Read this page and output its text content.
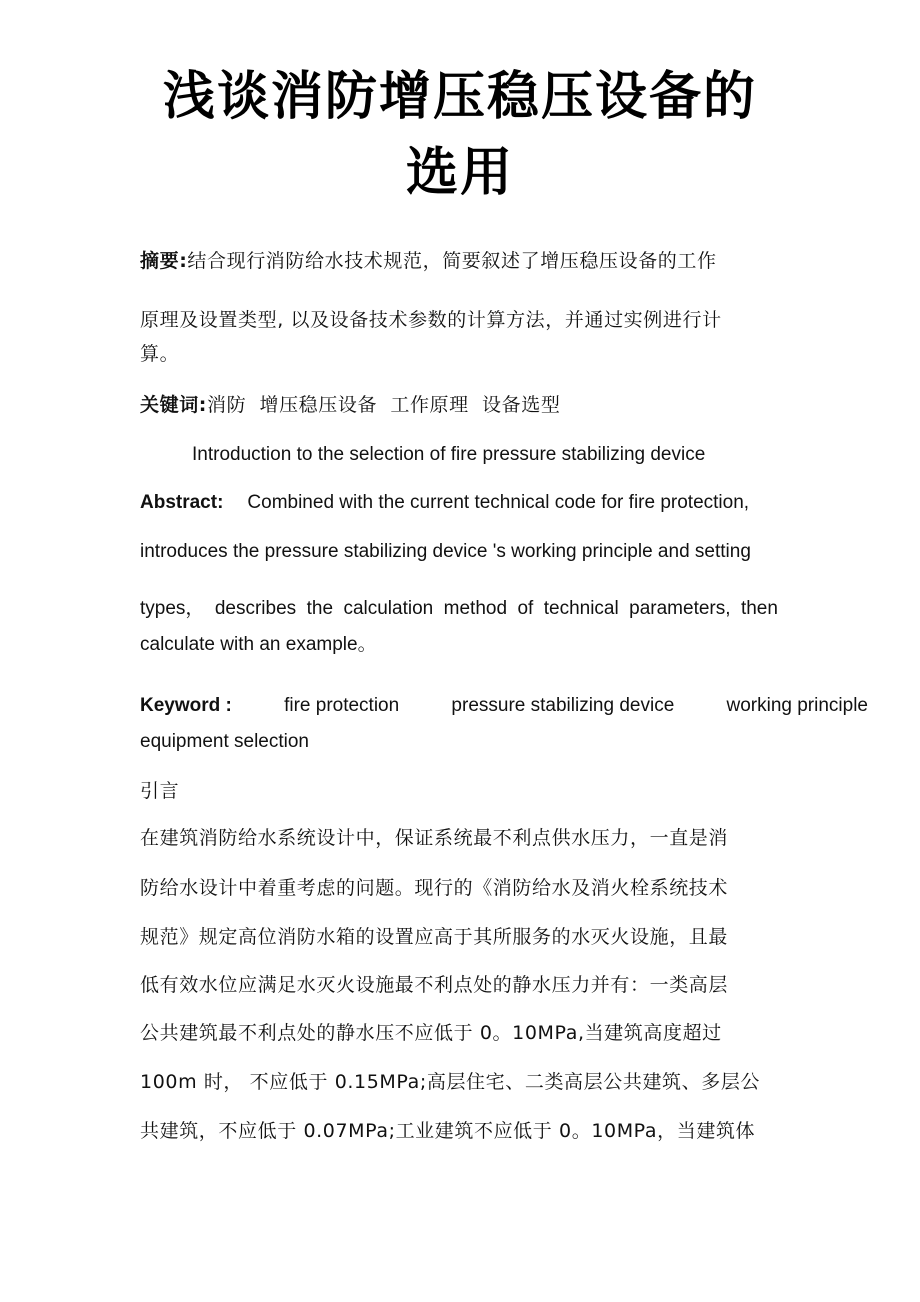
浅谈消防增压稳压设备的
选用
摘要:结合现行消防给水技术规范，简要叙述了增压稳压设备的工作
原理及设置类型, 以及设备技术参数的计算方法，并通过实例进行计
算。
关键词:消防  增压稳压设备  工作原理  设备选型
Introduction to the selection of fire pressure stabilizing device
Abstract: Combined with the current technical code for fire protection,
introduces the pressure stabilizing device 's working principle and setting
types， describes the calculation method of technical parameters, then
calculate with an example。
Keyword :	fire protection	pressure stabilizing device	working principle
equipment selection
引言
在建筑消防给水系统设计中，保证系统最不利点供水压力，一直是消
防给水设计中着重考虑的问题。现行的《消防给水及消火栓系统技术
规范》规定高位消防水箱的设置应高于其所服务的水灭火设施，且最
低有效水位应满足水灭火设施最不利点处的静水压力并有：一类高层
公共建筑最不利点处的静水压不应低于 0。10MPa,当建筑高度超过
100m 时， 不应低于 0.15MPa;高层住宅、二类高层公共建筑、多层公
共建筑，不应低于 0.07MPa;工业建筑不应低于 0。10MPa，当建筑体
